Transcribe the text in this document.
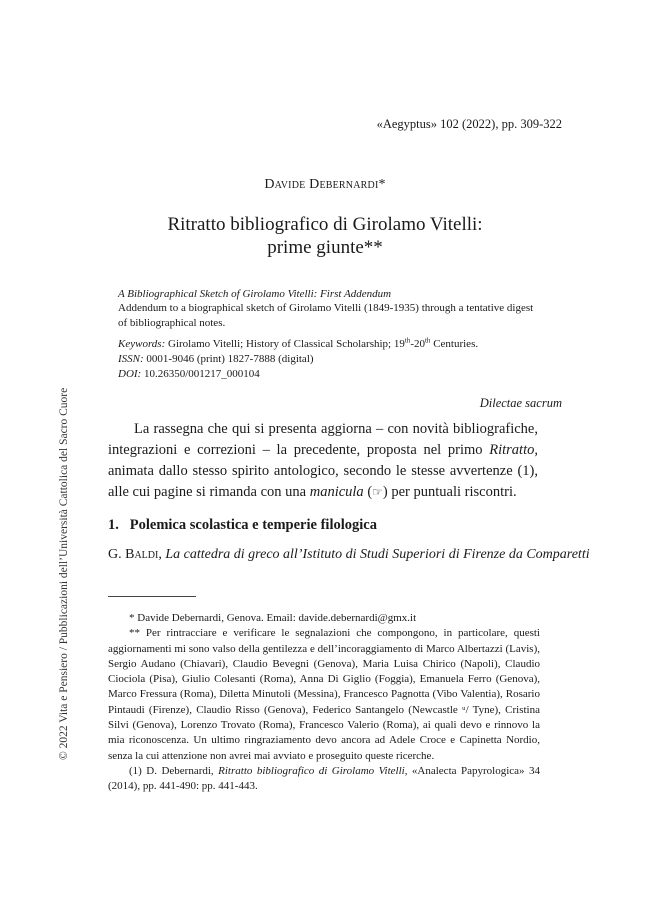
© 2022 Vita e Pensiero / Pubblicazioni dell’Università Cattolica del Sacro Cuore
«Aegyptus» 102 (2022), pp. 309-322
Davide Debernardi*
Ritratto bibliografico di Girolamo Vitelli:
prime giunte**
A Bibliographical Sketch of Girolamo Vitelli: First Addendum
Addendum to a biographical sketch of Girolamo Vitelli (1849-1935) through a tentative digest of bibliographical notes.
Keywords: Girolamo Vitelli; History of Classical Scholarship; 19th-20th Centuries.
ISSN: 0001-9046 (print) 1827-7888 (digital)
DOI: 10.26350/001217_000104
Dilectae sacrum
La rassegna che qui si presenta aggiorna – con novità bibliografiche, integrazioni e correzioni – la precedente, proposta nel primo Ritratto, animata dallo stesso spirito antologico, secondo le stesse avvertenze (1), alle cui pagine si rimanda con una manicula (☞) per puntuali riscontri.
1.   Polemica scolastica e temperie filologica
G. Baldi, La cattedra di greco all’Istituto di Studi Superiori di Firenze da Comparetti

* Davide Debernardi, Genova. Email: davide.debernardi@gmx.it

** Per rintracciare e verificare le segnalazioni che compongono, in particolare, questi aggiornamenti mi sono valso della gentilezza e dell’incoraggiamento di Marco Albertazzi (Lavis), Sergio Audano (Chiavari), Claudio Bevegni (Genova), Maria Luisa Chirico (Napoli), Claudio Ciociola (Pisa), Giulio Colesanti (Roma), Anna Di Giglio (Foggia), Emanuela Ferro (Genova), Marco Fressura (Roma), Diletta Minutoli (Messina), Francesco Pagnotta (Vibo Valentia), Rosario Pintaudi (Firenze), Claudio Risso (Genova), Federico Santangelo (Newcastle ᵘ/ Tyne), Cristina Silvi (Genova), Lorenzo Trovato (Roma), Francesco Valerio (Roma), ai quali devo e rinnovo la mia riconoscenza. Un ultimo ringraziamento devo ancora ad Adele Croce e Capinetta Nordio, senza la cui attenzione non avrei mai avviato e proseguito queste ricerche.

(1) D. Debernardi, Ritratto bibliografico di Girolamo Vitelli, «Analecta Papyrologica» 34 (2014), pp. 441-490: pp. 441-443.
